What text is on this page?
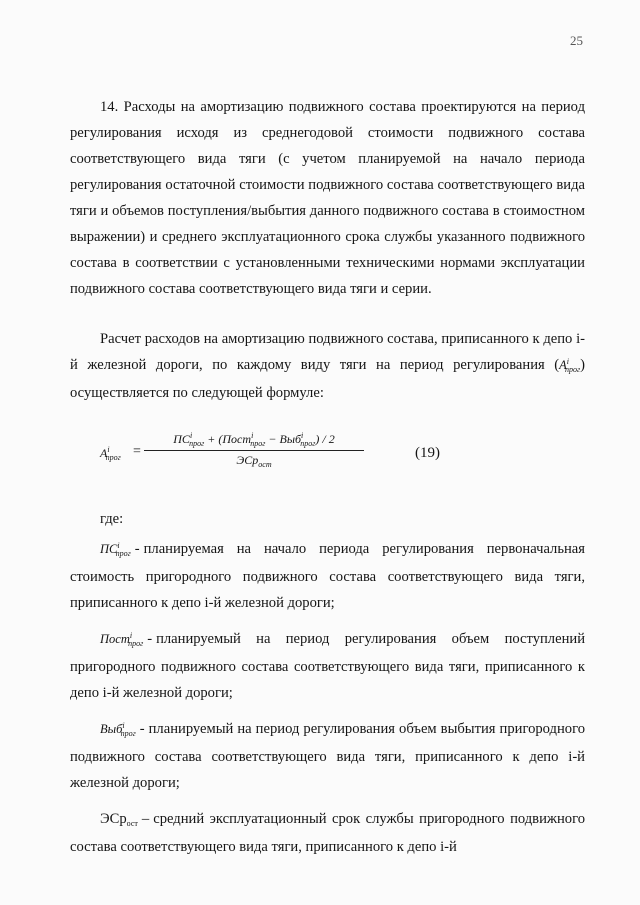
25

14. Расходы на амортизацию подвижного состава проектируются на период регулирования исходя из среднегодовой стоимости подвижного состава соответствующего вида тяги (с учетом планируемой на начало периода регулирования остаточной стоимости подвижного состава соответствующего вида тяги и объемов поступления/выбытия данного подвижного состава в стоимостном выражении) и среднего эксплуатационного срока службы указанного подвижного состава в соответствии с установленными техническими нормами эксплуатации подвижного состава соответствующего вида тяги и серии.

Расчет расходов на амортизацию подвижного состава, приписанного к депо i-й железной дороги, по каждому виду тяги на период регулирования $(A^i_{прог})$ осуществляется по следующей формуле:

$A^i_{прог}$ =
$ПС^i_{прог}$ + (Пост$^i_{прог}$ − Выб$^i_{прог}$) / 2
ЭСр$_{ост}$
(19)
где:

$ПС^i_{прог}$ - планируемая на начало периода регулирования первоначальная стоимость пригородного подвижного состава соответствующего вида тяги, приписанного к депо i-й железной дороги;

Пост$^i_{прог}$ - планируемый на период регулирования объем поступлений пригородного подвижного состава соответствующего вида тяги, приписанного к депо i-й железной дороги;

Выб$^i_{прог}$ - планируемый на период регулирования объем выбытия пригородного подвижного состава соответствующего вида тяги, приписанного к депо i-й железной дороги;

ЭСр$_{ост}$ – средний эксплуатационный срок службы пригородного подвижного состава соответствующего вида тяги, приписанного к депо i-й
